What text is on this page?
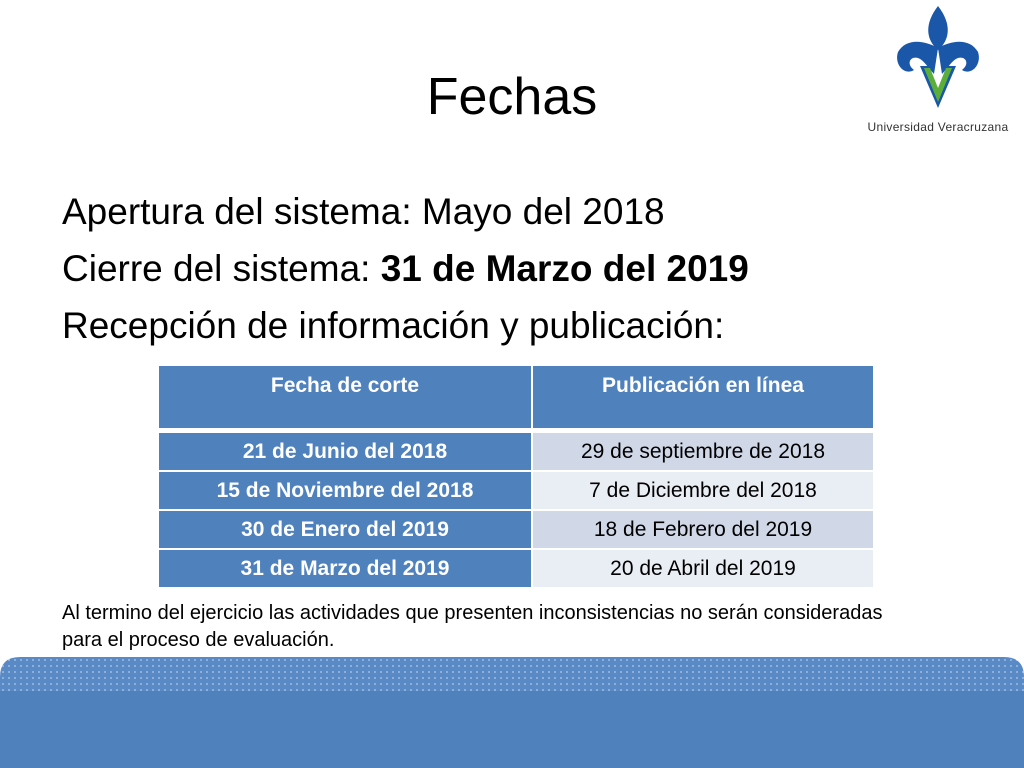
Fechas
Universidad Veracruzana
Apertura del sistema: Mayo del 2018
Cierre del sistema: 31 de Marzo del 2019
Recepción de información y publicación:
Fecha de corte	Publicación en línea
21 de Junio del 2018	29 de septiembre de 2018
15 de Noviembre del 2018	7 de Diciembre del 2018
30 de Enero del 2019	18 de Febrero del 2019
31 de Marzo del 2019	20 de Abril del 2019
Al termino del ejercicio las actividades que presenten inconsistencias no serán consideradas para el proceso de evaluación.
